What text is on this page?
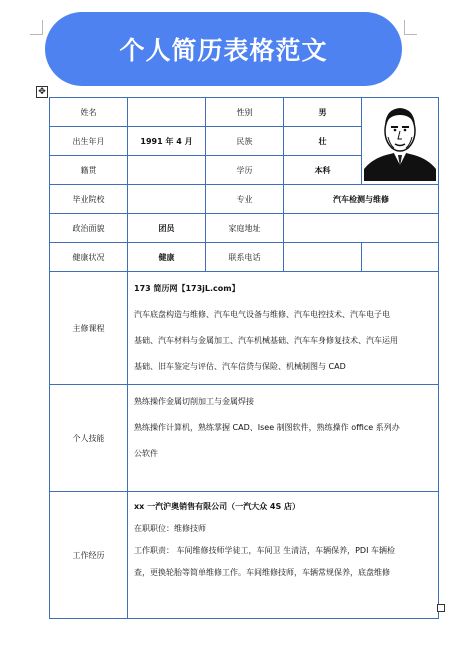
个人简历表格范文
✥
姓名		性别	男	
出生年月	1991 年 4 月	民族	壮	
籍贯		学历	本科	
毕业院校		专业	汽车检测与维修	
政治面貌	团员	家庭地址		
健康状况	健康	联系电话		
主修课程	173 简历网【173jL.com】
汽车底盘构造与维修、汽车电气设备与维修、汽车电控技术、汽车电子电
基础、汽车材料与金属加工、汽车机械基础、汽车车身修复技术、汽车运用
基础、旧车鉴定与评估、汽车信贷与保险、机械制图与 CAD			

个人技能	熟练操作金属切削加工与金属焊接
熟练操作计算机，熟练掌握 CAD、Isee 制图软件，熟练操作 office 系列办
公软件			

工作经历	xx 一汽沪奥销售有限公司（一汽大众 4S 店）
在职职位：维修技师
工作职责： 车间维修技师学徒工，车间卫 生清洁，车辆保养，PDI 车辆检
查，更换轮胎等简单维修工作。车间维修技师，车辆常规保养，底盘维修			
